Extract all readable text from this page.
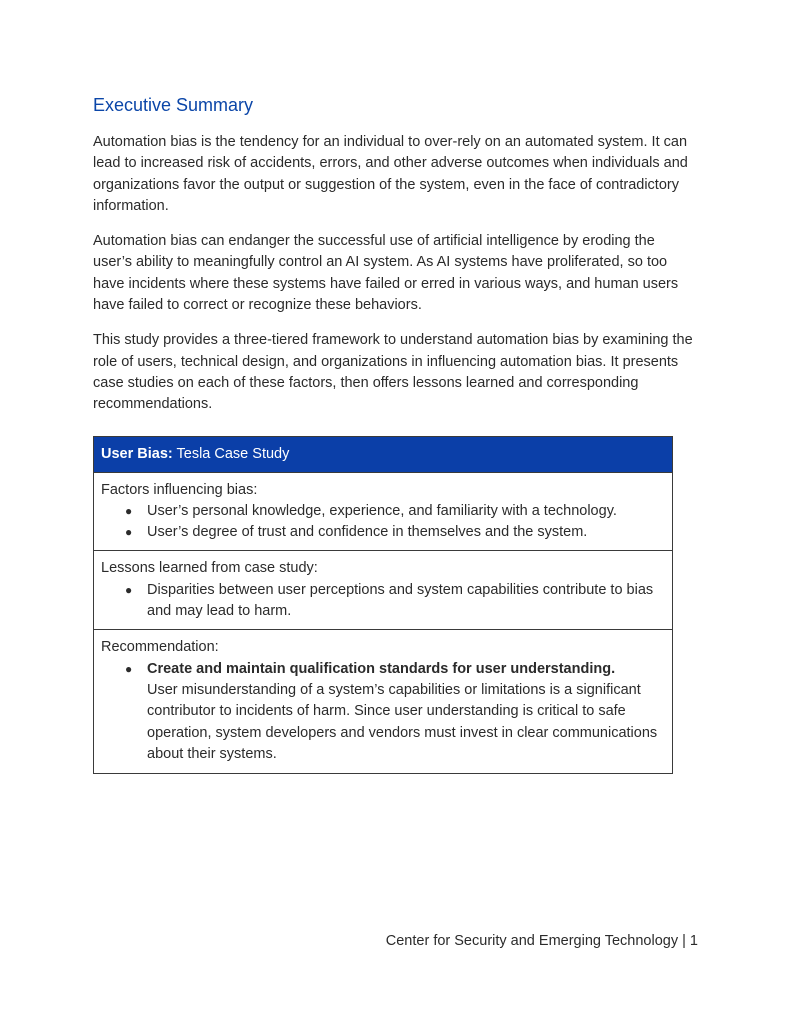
Executive Summary

Automation bias is the tendency for an individual to over-rely on an automated system. It can lead to increased risk of accidents, errors, and other adverse outcomes when individuals and organizations favor the output or suggestion of the system, even in the face of contradictory information.

Automation bias can endanger the successful use of artificial intelligence by eroding the user’s ability to meaningfully control an AI system. As AI systems have proliferated, so too have incidents where these systems have failed or erred in various ways, and human users have failed to correct or recognize these behaviors.

This study provides a three-tiered framework to understand automation bias by examining the role of users, technical design, and organizations in influencing automation bias. It presents case studies on each of these factors, then offers lessons learned and corresponding recommendations.

User Bias: Tesla Case Study
Factors influencing bias:
● User’s personal knowledge, experience, and familiarity with a technology.
● User’s degree of trust and confidence in themselves and the system.
Lessons learned from case study:
● Disparities between user perceptions and system capabilities contribute to bias and may lead to harm.
Recommendation:
● Create and maintain qualification standards for user understanding.
User misunderstanding of a system’s capabilities or limitations is a significant contributor to incidents of harm. Since user understanding is critical to safe operation, system developers and vendors must invest in clear communications about their systems.
Center for Security and Emerging Technology | 1
